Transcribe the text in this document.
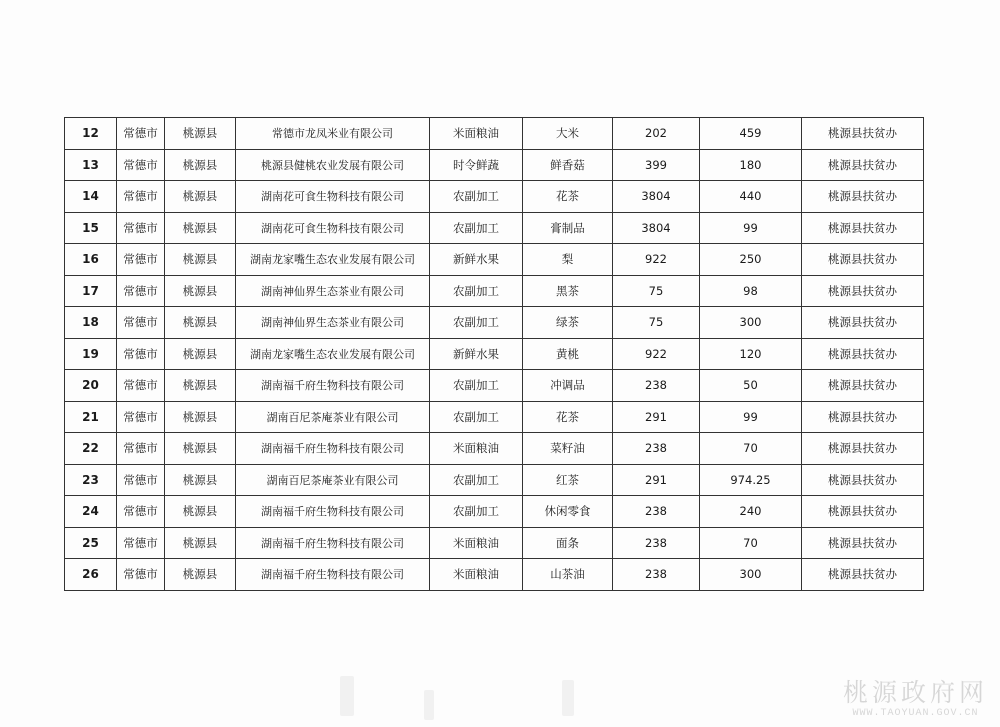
12	常德市	桃源县	常德市龙凤米业有限公司	米面粮油	大米	202	459	桃源县扶贫办
13	常德市	桃源县	桃源县健桃农业发展有限公司	时令鲜蔬	鲜香菇	399	180	桃源县扶贫办
14	常德市	桃源县	湖南花可食生物科技有限公司	农副加工	花茶	3804	440	桃源县扶贫办
15	常德市	桃源县	湖南花可食生物科技有限公司	农副加工	膏制品	3804	99	桃源县扶贫办
16	常德市	桃源县	湖南龙家嘴生态农业发展有限公司	新鲜水果	梨	922	250	桃源县扶贫办
17	常德市	桃源县	湖南神仙界生态茶业有限公司	农副加工	黑茶	75	98	桃源县扶贫办
18	常德市	桃源县	湖南神仙界生态茶业有限公司	农副加工	绿茶	75	300	桃源县扶贫办
19	常德市	桃源县	湖南龙家嘴生态农业发展有限公司	新鲜水果	黄桃	922	120	桃源县扶贫办
20	常德市	桃源县	湖南福千府生物科技有限公司	农副加工	冲调品	238	50	桃源县扶贫办
21	常德市	桃源县	湖南百尼茶庵茶业有限公司	农副加工	花茶	291	99	桃源县扶贫办
22	常德市	桃源县	湖南福千府生物科技有限公司	米面粮油	菜籽油	238	70	桃源县扶贫办
23	常德市	桃源县	湖南百尼茶庵茶业有限公司	农副加工	红茶	291	974.25	桃源县扶贫办
24	常德市	桃源县	湖南福千府生物科技有限公司	农副加工	休闲零食	238	240	桃源县扶贫办
25	常德市	桃源县	湖南福千府生物科技有限公司	米面粮油	面条	238	70	桃源县扶贫办
26	常德市	桃源县	湖南福千府生物科技有限公司	米面粮油	山茶油	238	300	桃源县扶贫办
桃源政府网
WWW.TAOYUAN.GOV.CN
